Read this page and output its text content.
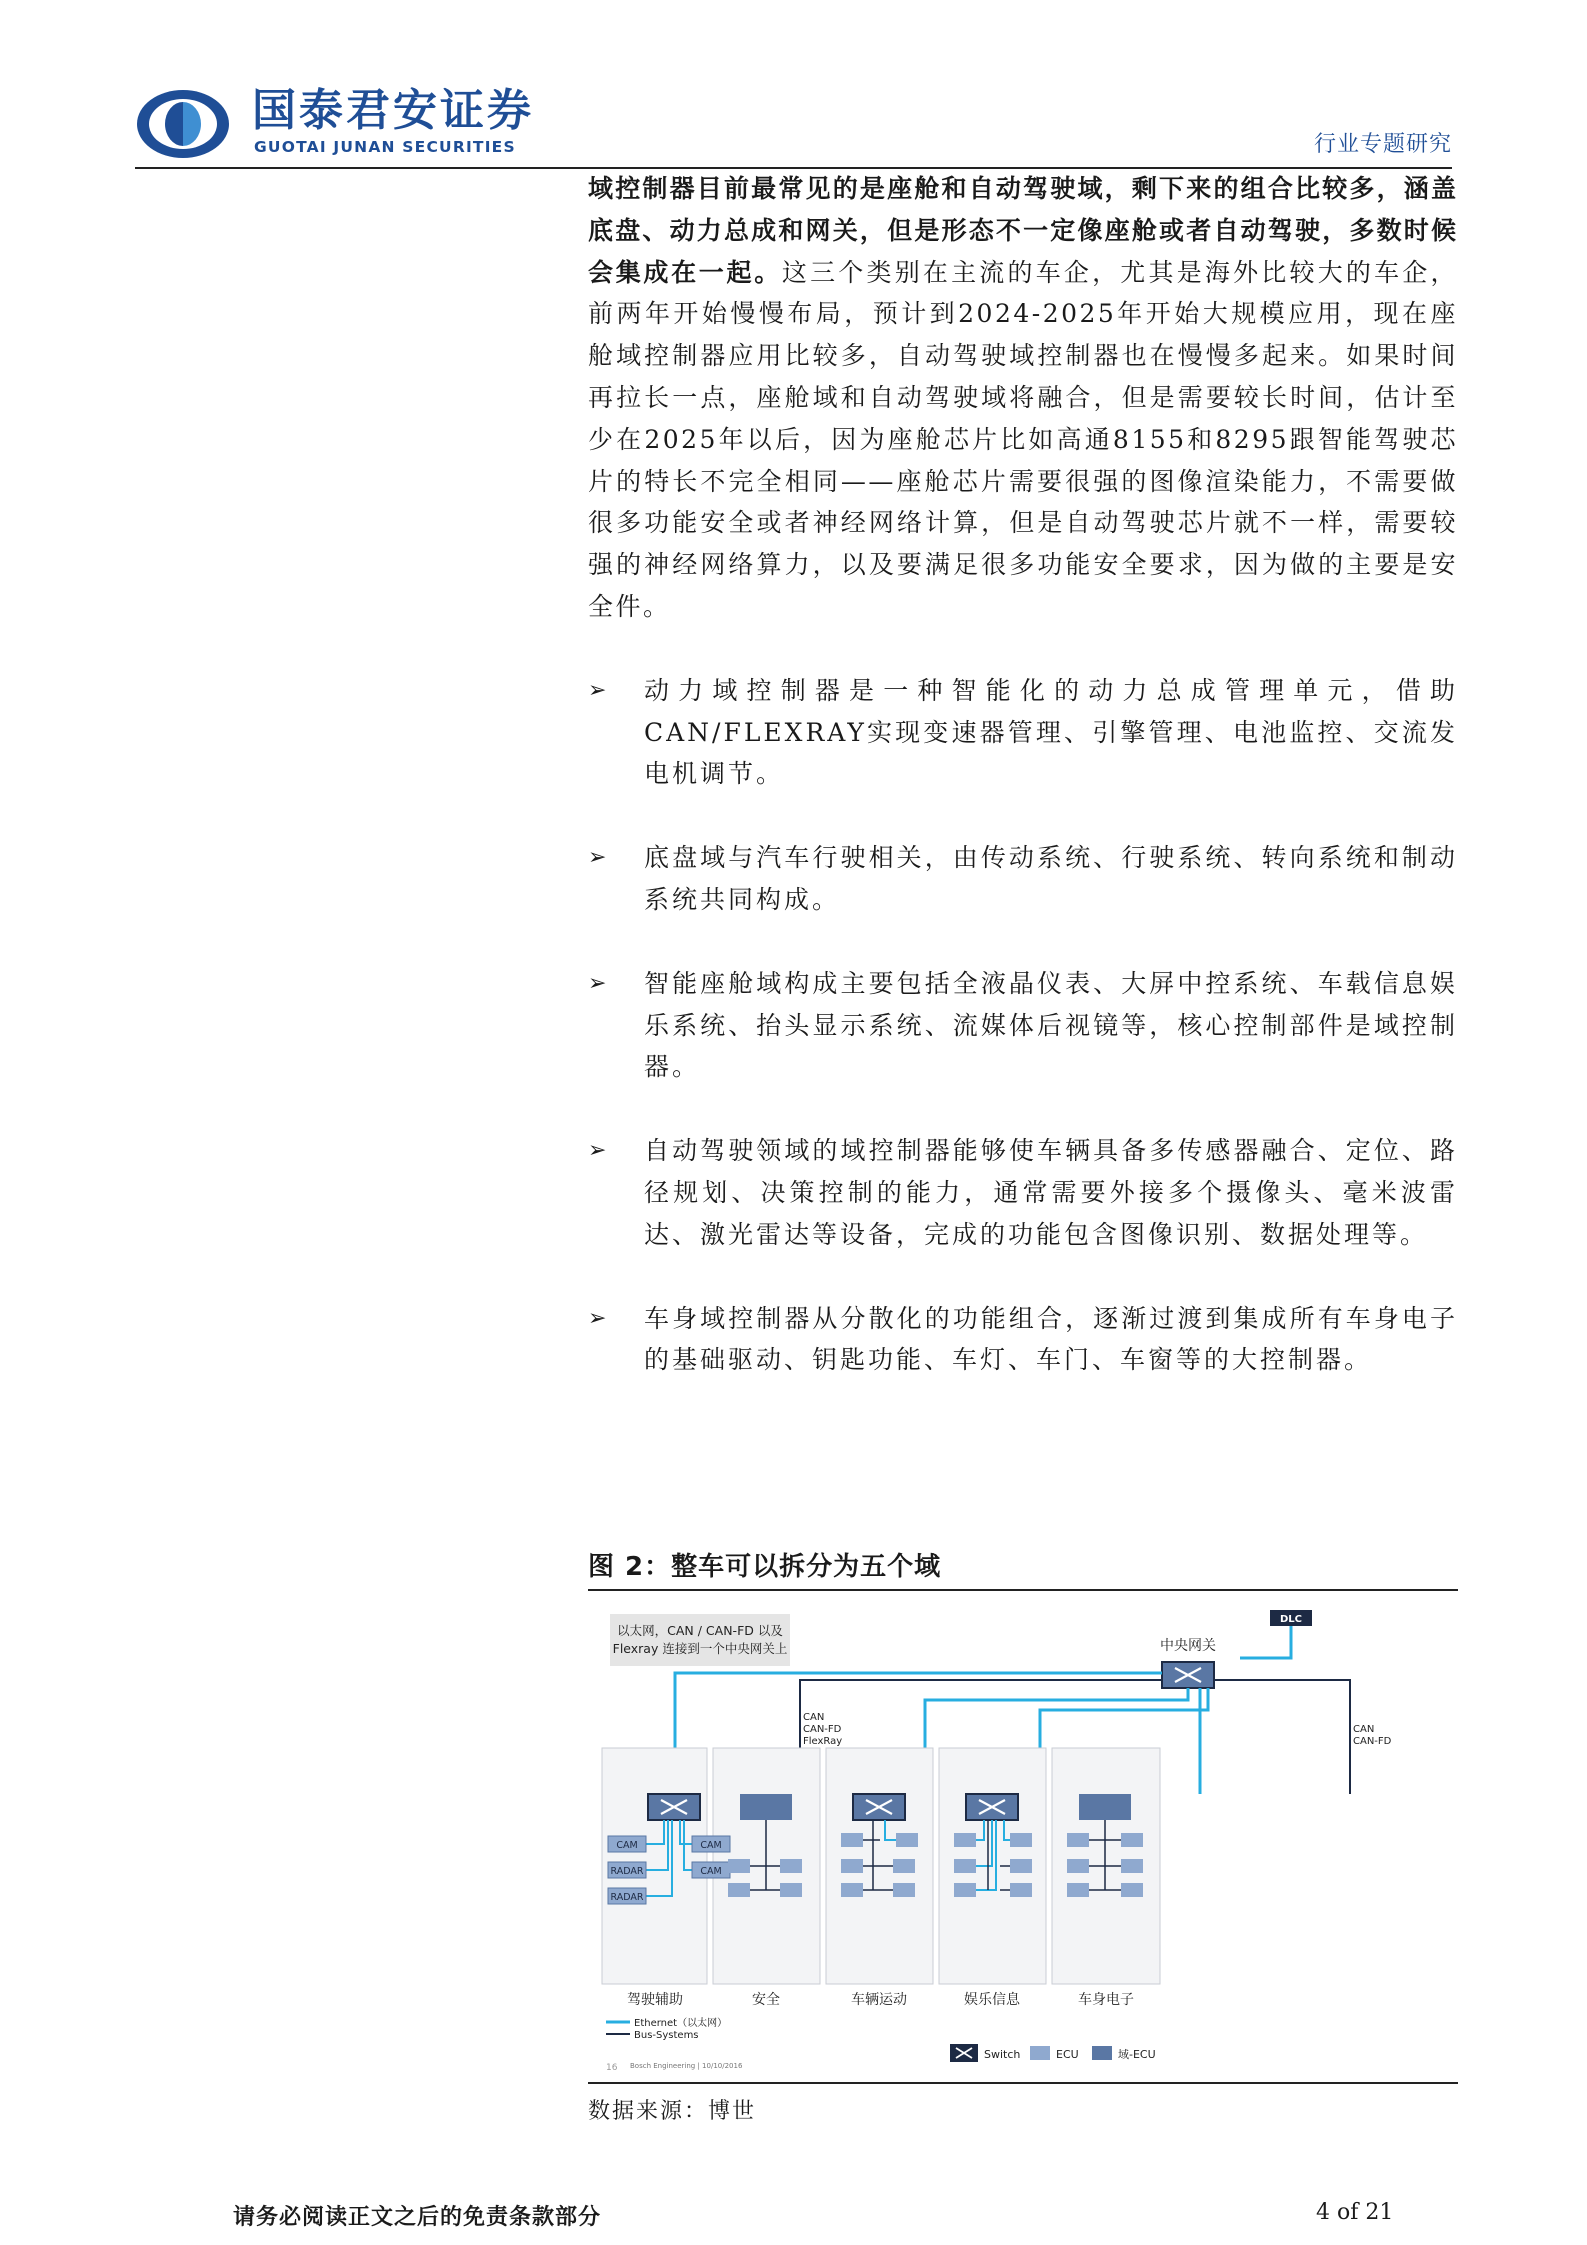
国泰君安证券
GUOTAI JUNAN SECURITIES	行业专题研究

域控制器目前最常见的是座舱和自动驾驶域，剩下来的组合比较多，涵盖底盘、动力总成和网关，但是形态不一定像座舱或者自动驾驶，多数时候会集成在一起。这三个类别在主流的车企，尤其是海外比较大的车企，前两年开始慢慢布局，预计到2024-2025年开始大规模应用，现在座舱域控制器应用比较多，自动驾驶域控制器也在慢慢多起来。如果时间再拉长一点，座舱域和自动驾驶域将融合，但是需要较长时间，估计至少在2025年以后，因为座舱芯片比如高通8155和8295跟智能驾驶芯片的特长不完全相同——座舱芯片需要很强的图像渲染能力，不需要做很多功能安全或者神经网络计算，但是自动驾驶芯片就不一样，需要较强的神经网络算力，以及要满足很多功能安全要求，因为做的主要是安全件。

➢ 动力域控制器是一种智能化的动力总成管理单元，借助CAN/FLEXRAY实现变速器管理、引擎管理、电池监控、交流发电机调节。
➢ 底盘域与汽车行驶相关，由传动系统、行驶系统、转向系统和制动系统共同构成。
➢ 智能座舱域构成主要包括全液晶仪表、大屏中控系统、车载信息娱乐系统、抬头显示系统、流媒体后视镜等，核心控制部件是域控制器。
➢ 自动驾驶领域的域控制器能够使车辆具备多传感器融合、定位、路径规划、决策控制的能力，通常需要外接多个摄像头、毫米波雷达、激光雷达等设备，完成的功能包含图像识别、数据处理等。
➢ 车身域控制器从分散化的功能组合，逐渐过渡到集成所有车身电子的基础驱动、钥匙功能、车灯、车门、车窗等的大控制器。
图 2：整车可以拆分为五个域
以太网，CAN / CAN-FD 以及
Flexray 连接到一个中央网关上
DLC
中央网关
CAN
CAN-FD
FlexRay
CAN
CAN-FD
CAM
RADAR
RADAR
CAM
CAM
驾驶辅助	安全	车辆运动	娱乐信息	车身电子
Ethernet（以太网）
Bus-Systems
Switch	ECU	域-ECU
16 Bosch Engineering | 10/10/2016
数据来源：博世
请务必阅读正文之后的免责条款部分	4 of 21
